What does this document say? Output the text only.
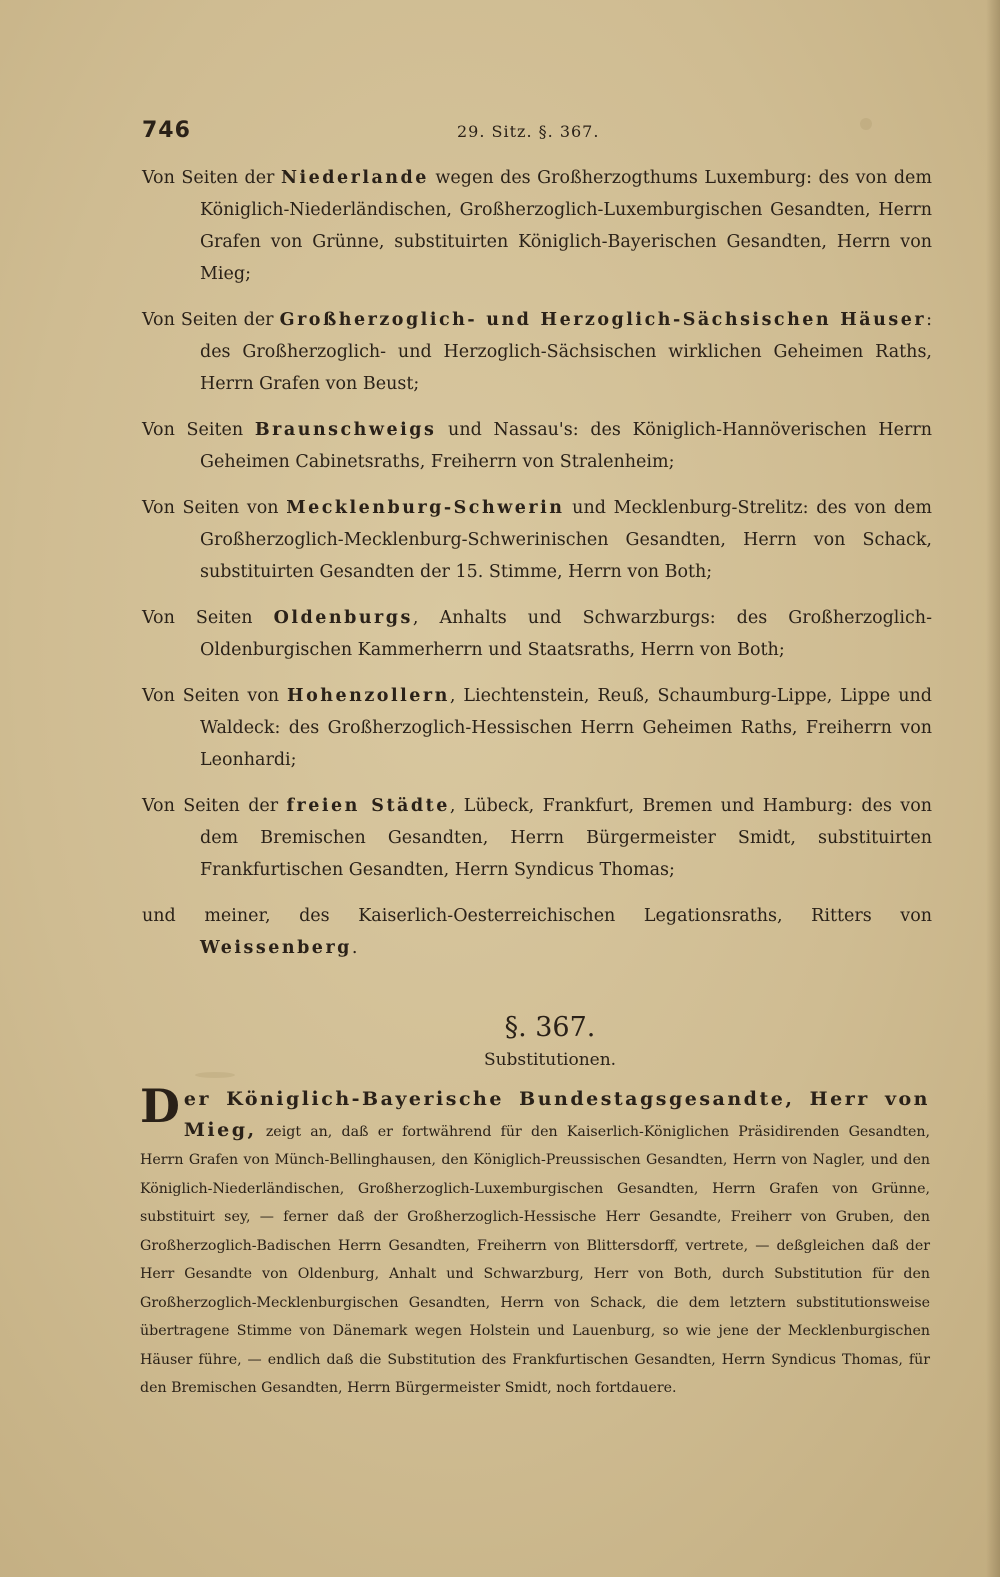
746	29. Sitz. §. 367.

Von Seiten der Niederlande wegen des Großherzogthums Luxemburg: des von dem Königlich-Niederländischen, Großherzoglich-Luxemburgischen Gesandten, Herrn Grafen von Grünne, substituirten Königlich-Bayerischen Gesandten, Herrn von Mieg;

Von Seiten der Großherzoglich- und Herzoglich-Sächsischen Häuser: des Großherzoglich- und Herzoglich-Sächsischen wirklichen Geheimen Raths, Herrn Grafen von Beust;

Von Seiten Braunschweigs und Nassau's: des Königlich-Hannöverischen Herrn Geheimen Cabinetsraths, Freiherrn von Stralenheim;

Von Seiten von Mecklenburg-Schwerin und Mecklenburg-Strelitz: des von dem Großherzoglich-Mecklenburg-Schwerinischen Gesandten, Herrn von Schack, substituirten Gesandten der 15. Stimme, Herrn von Both;

Von Seiten Oldenburgs, Anhalts und Schwarzburgs: des Großherzoglich-Oldenburgischen Kammerherrn und Staatsraths, Herrn von Both;

Von Seiten von Hohenzollern, Liechtenstein, Reuß, Schaumburg-Lippe, Lippe und Waldeck: des Großherzoglich-Hessischen Herrn Geheimen Raths, Freiherrn von Leonhardi;

Von Seiten der freien Städte, Lübeck, Frankfurt, Bremen und Hamburg: des von dem Bremischen Gesandten, Herrn Bürgermeister Smidt, substituirten Frankfurtischen Gesandten, Herrn Syndicus Thomas;

und meiner, des Kaiserlich-Oesterreichischen Legationsraths, Ritters von Weissenberg.

§. 367.
Substitutionen.
Der Königlich-Bayerische Bundestagsgesandte, Herr von Mieg, zeigt an, daß er fortwährend für den Kaiserlich-Königlichen Präsidirenden Gesandten, Herrn Grafen von Münch-Bellinghausen, den Königlich-Preussischen Gesandten, Herrn von Nagler, und den Königlich-Niederländischen, Großherzoglich-Luxemburgischen Gesandten, Herrn Grafen von Grünne, substituirt sey, — ferner daß der Großherzoglich-Hessische Herr Gesandte, Freiherr von Gruben, den Großherzoglich-Badischen Herrn Gesandten, Freiherrn von Blittersdorff, vertrete, — deßgleichen daß der Herr Gesandte von Oldenburg, Anhalt und Schwarzburg, Herr von Both, durch Substitution für den Großherzoglich-Mecklenburgischen Gesandten, Herrn von Schack, die dem letztern substitutionsweise übertragene Stimme von Dänemark wegen Holstein und Lauenburg, so wie jene der Mecklenburgischen Häuser führe, — endlich daß die Substitution des Frankfurtischen Gesandten, Herrn Syndicus Thomas, für den Bremischen Gesandten, Herrn Bürgermeister Smidt, noch fortdauere.
